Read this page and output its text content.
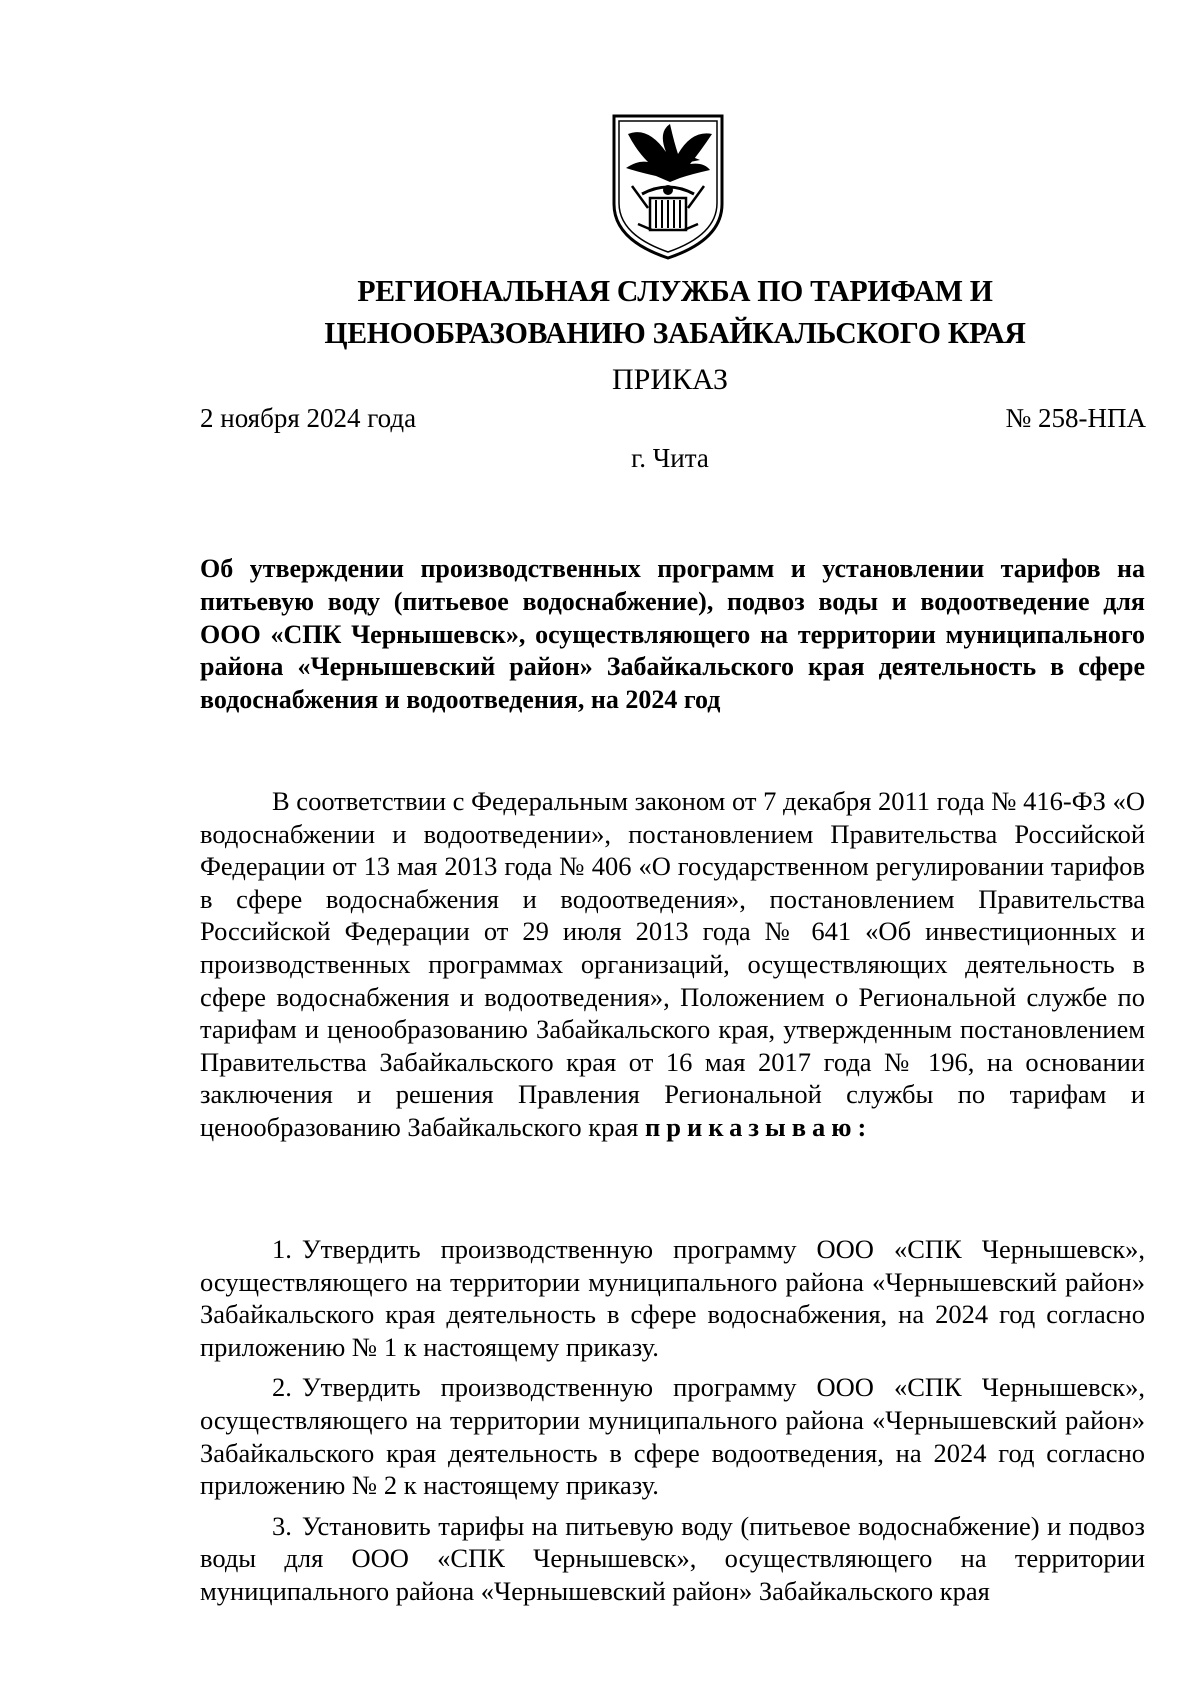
РЕГИОНАЛЬНАЯ СЛУЖБА ПО ТАРИФАМ И
ЦЕНООБРАЗОВАНИЮ ЗАБАЙКАЛЬСКОГО КРАЯ
ПРИКАЗ
2 ноября 2024 года	№ 258-НПА
г. Чита
Об утверждении производственных программ и установлении тарифов на питьевую воду (питьевое водоснабжение), подвоз воды и водоотведение для ООО «СПК Чернышевск», осуществляющего на территории муниципального района «Чернышевский район» Забайкальского края деятельность в сфере водоснабжения и водоотведения, на 2024 год

В соответствии с Федеральным законом от 7 декабря 2011 года № 416-ФЗ «О водоснабжении и водоотведении», постановлением Правительства Российской Федерации от 13 мая 2013 года № 406 «О государственном регулировании тарифов в сфере водоснабжения и водоотведения», постановлением Правительства Российской Федерации от 29 июля 2013 года № 641 «Об инвестиционных и производственных программах организаций, осуществляющих деятельность в сфере водоснабжения и водоотведения», Положением о Региональной службе по тарифам и ценообразованию Забайкальского края, утвержденным постановлением Правительства Забайкальского края от 16 мая 2017 года № 196, на основании заключения и решения Правления Региональной службы по тарифам и ценообразованию Забайкальского края приказываю:

1. Утвердить производственную программу ООО «СПК Чернышевск», осуществляющего на территории муниципального района «Чернышевский район» Забайкальского края деятельность в сфере водоснабжения, на 2024 год согласно приложению № 1 к настоящему приказу.

2. Утвердить производственную программу ООО «СПК Чернышевск», осуществляющего на территории муниципального района «Чернышевский район» Забайкальского края деятельность в сфере водоотведения, на 2024 год согласно приложению № 2 к настоящему приказу.

3. Установить тарифы на питьевую воду (питьевое водоснабжение) и подвоз воды для ООО «СПК Чернышевск», осуществляющего на территории муниципального района «Чернышевский район» Забайкальского края
